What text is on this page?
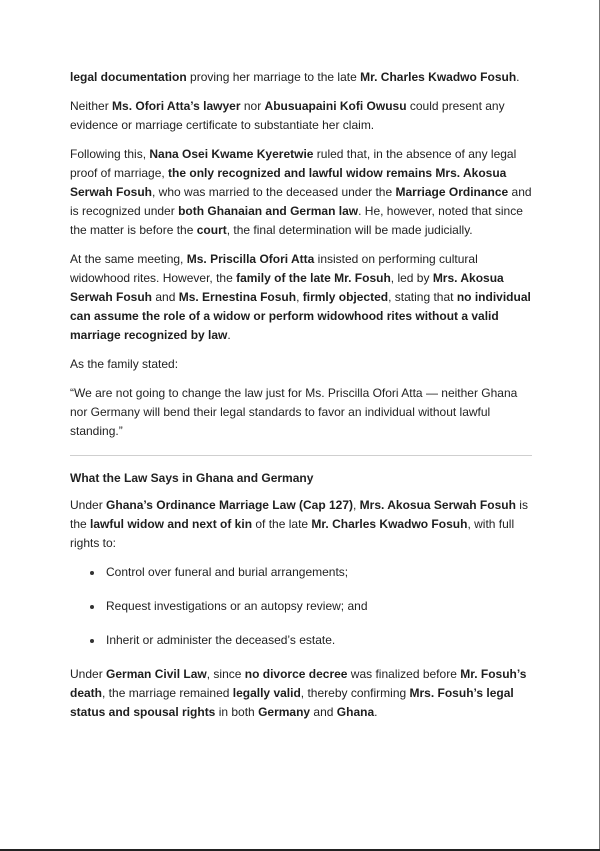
legal documentation proving her marriage to the late Mr. Charles Kwadwo Fosuh.

Neither Ms. Ofori Atta’s lawyer nor Abusuapaini Kofi Owusu could present any evidence or marriage certificate to substantiate her claim.

Following this, Nana Osei Kwame Kyeretwie ruled that, in the absence of any legal proof of marriage, the only recognized and lawful widow remains Mrs. Akosua Serwah Fosuh, who was married to the deceased under the Marriage Ordinance and is recognized under both Ghanaian and German law. He, however, noted that since the matter is before the court, the final determination will be made judicially.

At the same meeting, Ms. Priscilla Ofori Atta insisted on performing cultural widowhood rites. However, the family of the late Mr. Fosuh, led by Mrs. Akosua Serwah Fosuh and Ms. Ernestina Fosuh, firmly objected, stating that no individual can assume the role of a widow or perform widowhood rites without a valid marriage recognized by law.

As the family stated:

“We are not going to change the law just for Ms. Priscilla Ofori Atta — neither Ghana nor Germany will bend their legal standards to favor an individual without lawful standing.”

What the Law Says in Ghana and Germany

Under Ghana’s Ordinance Marriage Law (Cap 127), Mrs. Akosua Serwah Fosuh is the lawful widow and next of kin of the late Mr. Charles Kwadwo Fosuh, with full rights to:

Control over funeral and burial arrangements;
Request investigations or an autopsy review; and
Inherit or administer the deceased’s estate.

Under German Civil Law, since no divorce decree was finalized before Mr. Fosuh’s death, the marriage remained legally valid, thereby confirming Mrs. Fosuh’s legal status and spousal rights in both Germany and Ghana.
